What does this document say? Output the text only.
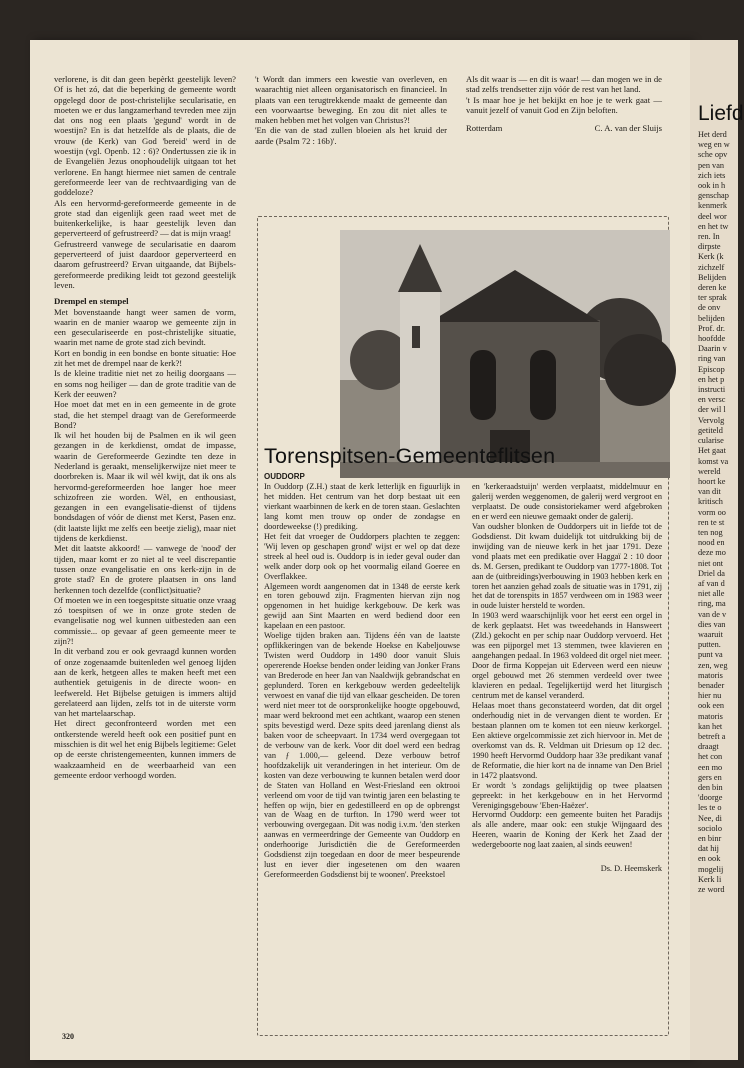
verlorene, is dit dan geen bepèrkt geestelijk leven? Of is het zó, dat die beperking de gemeente wordt opgelegd door de post-christelijke secularisatie, en moeten we er dus langzamerhand tevreden mee zijn dat ons nog een plaats 'gegund' wordt in de woestijn? En is dat hetzelfde als de plaats, die de vrouw (de Kerk) van God 'bereid' werd in de woestijn (vgl. Openb. 12 : 6)? Ondertussen zie ik in de Evangeliën Jezus onophoudelijk uitgaan tot het verlorene. En hangt hiermee niet samen de centrale gereformeerde leer van de rechtvaardiging van de goddeloze?

Als een hervormd-gereformeerde gemeente in de grote stad dan eigenlijk geen raad weet met de buitenkerkelijke, is haar geestelijk leven dan geperverteerd of gefrustreerd? — dat is mijn vraag!

Gefrustreerd vanwege de secularisatie en daarom geperverteerd of juist daardoor geperverteerd en daarom gefrustreerd? Ervan uitgaande, dat Bijbels-gereformeerde prediking leidt tot gezond geestelijk leven.

Drempel en stempel

Met bovenstaande hangt weer samen de vorm, waarin en de manier waarop we gemeente zijn in een geseculariseerde en post-christelijke situatie, waarin met name de grote stad zich bevindt.

Kort en bondig in een bondse en bonte situatie: Hoe zit het met de drempel naar de kerk?!

Is de kleine traditie niet net zo heilig doorgaans — en soms nog heiliger — dan de grote traditie van de Kerk der eeuwen?

Hoe moet dat met en in een gemeente in de grote stad, die het stempel draagt van de Gereformeerde Bond?

Ik wil het houden bij de Psalmen en ik wil geen gezangen in de kerkdienst, omdat de impasse, waarin de Gereformeerde Gezindte ten deze in Nederland is geraakt, menselijkerwijze niet meer te doorbreken is. Maar ik wil wèl kwijt, dat ik ons als hervormd-gereformeerden hoe langer hoe meer schizofreen zie worden. Wèl, en enthousiast, gezangen in een evangelisatie-dienst of tijdens bondsdagen of vóór de dienst met Kerst, Pasen enz. (dit laatste lijkt me zelfs een beetje zielig), maar niet tijdens de kerkdienst.

Met dit laatste akkoord! — vanwege de 'nood' der tijden, maar komt er zo niet al te veel discrepantie tussen onze evangelisatie en ons kerk-zijn in de grote stad? En de grotere plaatsen in ons land herkennen toch dezelfde (conflict)situatie?

Of moeten we in een toegespitste situatie onze vraag zó toespitsen of we in onze grote steden de evangelisatie nog wel kunnen uitbesteden aan een commissie... op gevaar af geen gemeente meer te zijn?!

In dit verband zou er ook gevraagd kunnen worden of onze zogenaamde buitenleden wel genoeg lijden aan de kerk, hetgeen alles te maken heeft met een authentiek getuigenis in de directe woon- en leefwereld. Het Bijbelse getuigen is immers altijd gerelateerd aan lijden, zelfs tot in de uiterste vorm van het martelaarschap.

Het direct geconfronteerd worden met een ontkerstende wereld heeft ook een positief punt en misschien is dit wel het enig Bijbels legitieme: Gelet op de eerste christengemeenten, kunnen immers de waakzaamheid en de weerbaarheid van een gemeente erdoor verhoogd worden.

't Wordt dan immers een kwestie van overleven, en waarachtig niet alleen organisatorisch en financieel. In plaats van een terugtrekkende maakt de gemeente dan een voorwaartse beweging. En zou dit niet alles te maken hebben met het volgen van Christus?!

'En die van de stad zullen bloeien als het kruid der aarde (Psalm 72 : 16b)'.

Als dit waar is — en dit is waar! — dan mogen we in de stad zelfs trendsetter zijn vóór de rest van het land.

't Is maar hoe je het bekijkt en hoe je te werk gaat — vanuit jezelf of vanuit God en Zijn beloften.

Rotterdam	C. A. van der Sluijs
Torenspitsen-Gemeenteflitsen
OUDDORP

In Ouddorp (Z.H.) staat de kerk letterlijk en figuurlijk in het midden. Het centrum van het dorp bestaat uit een vierkant waarbinnen de kerk en de toren staan. Geslachten lang komt men trouw op onder de zondagse en doordeweekse (!) prediking.

Het feit dat vroeger de Ouddorpers plachten te zeggen: 'Wij leven op geschapen grond' wijst er wel op dat deze streek al heel oud is. Ouddorp is in ieder geval ouder dan welk ander dorp ook op het voormalig eiland Goeree en Overflakkee.

Algemeen wordt aangenomen dat in 1348 de eerste kerk en toren gebouwd zijn. Fragmenten hiervan zijn nog opgenomen in het huidige kerkgebouw. De kerk was gewijd aan Sint Maarten en werd bediend door een kapelaan en een pastoor.

Woelige tijden braken aan. Tijdens één van de laatste opflikkeringen van de bekende Hoekse en Kabeljouwse Twisten werd Ouddorp in 1490 door vanuit Sluis opererende Hoekse benden onder leiding van Jonker Frans van Brederode en heer Jan van Naaldwijk gebrandschat en geplunderd. Toren en kerkgebouw werden gedeeltelijk verwoest en vanaf die tijd van elkaar gescheiden. De toren werd niet meer tot de oorspronkelijke hoogte opgebouwd, maar werd bekroond met een achtkant, waarop een stenen spits bevestigd werd. Deze spits deed jarenlang dienst als baken voor de scheepvaart. In 1734 werd overgegaan tot de verbouw van de kerk. Voor dit doel werd een bedrag van ƒ 1.000,— geleend. Deze verbouw betrof hoofdzakelijk uit veranderingen in het interieur. Om de kosten van deze verbouwing te kunnen betalen werd door de Staten van Holland en West-Friesland een oktrooi verleend om voor de tijd van twintig jaren een belasting te heffen op wijn, bier en gedestilleerd en op de opbrengst van de Waag en de turfton. In 1790 werd weer tot verbouwing overgegaan. Dit was nodig i.v.m. 'den sterken aanwas en vermeerdringe der Gemeente van Ouddorp en onderhoorige Jurisdictiën die de Gereformeerden Godsdienst zijn toegedaan en door de meer bespeurende lust en iever dier ingesetenen om den waaren Gereformeerden Godsdienst bij te woonen'. Preekstoel

en 'kerkeraadstuijn' werden verplaatst, middelmuur en galerij werden weggenomen, de galerij werd vergroot en verplaatst. De oude consistoriekamer werd afgebroken en er werd een nieuwe gemaakt onder de galerij.

Van oudsher blonken de Ouddorpers uit in liefde tot de Godsdienst. Dit kwam duidelijk tot uitdrukking bij de inwijding van de nieuwe kerk in het jaar 1791. Deze vond plaats met een predikatie over Haggaï 2 : 10 door ds. M. Gersen, predikant te Ouddorp van 1777-1808. Tot aan de (uitbreidings)verbouwing in 1903 hebben kerk en toren het aanzien gehad zoals de situatie was in 1791, zij het dat de torenspits in 1857 verdween om in 1983 weer in oude luister hersteld te worden.

In 1903 werd waarschijnlijk voor het eerst een orgel in de kerk geplaatst. Het was tweedehands in Hansweert (Zld.) gekocht en per schip naar Ouddorp vervoerd. Het was een pijporgel met 13 stemmen, twee klavieren en aangehangen pedaal. In 1963 voldeed dit orgel niet meer. Door de firma Koppejan uit Ederveen werd een nieuw orgel gebouwd met 26 stemmen verdeeld over twee klavieren en pedaal. Tegelijkertijd werd het liturgisch centrum met de kansel veranderd.

Helaas moet thans geconstateerd worden, dat dit orgel onderhoudig niet in de vervangen dient te worden. Er bestaan plannen om te komen tot een nieuw kerkorgel. Een aktieve orgelcommissie zet zich hiervoor in. Met de overkomst van ds. R. Veldman uit Driesum op 12 dec. 1990 heeft Hervormd Ouddorp haar 33e predikant vanaf de Reformatie, die hier kort na de inname van Den Briel in 1472 plaatsvond.

Er wordt 's zondags gelijktijdig op twee plaatsen gepreekt: in het kerkgebouw en in het Hervormd Verenigingsgebouw 'Eben-Haëzer'.

Hervormd Ouddorp: een gemeente buiten het Paradijs als alle andere, maar ook: een stukje Wijngaard des Heeren, waarin de Koning der Kerk het Zaad der wedergeboorte nog laat zaaien, al sinds eeuwen!

Ds. D. Heemskerk
320
Liefd
Het derd
weg en w
sche opv
pen van
zich iets
ook in h
genschap
kenmerk
deel wor
en het tw
ren. In
dirpste
Kerk (k
zichzelf
Belijden
deren ke
ter sprak
de onv
belijden
Prof. dr.
hoofdde
Daarin v
ring van
Episcop
en het p
instructi
en versc
der wil l
Vervolg
getiteld
cularise
Het gaat
komst va
wereld
hoort ke
van dit
kritisch
vorm oo
ren te st
ten nog
nood en
deze mo
niet ont
Driel da
af van d
niet alle
ring, ma
van de v
dies van
waaruit
putten.
punt va
zen, weg
matoris
benader
hier nu
ook een
matoris
kan het
betreft a
draagt
het con
een mo
gers en
den bin
'doorge
les te o
Nee, di
sociolo
en binr
dat hij
en ook
mogelij
Kerk li
ze word
